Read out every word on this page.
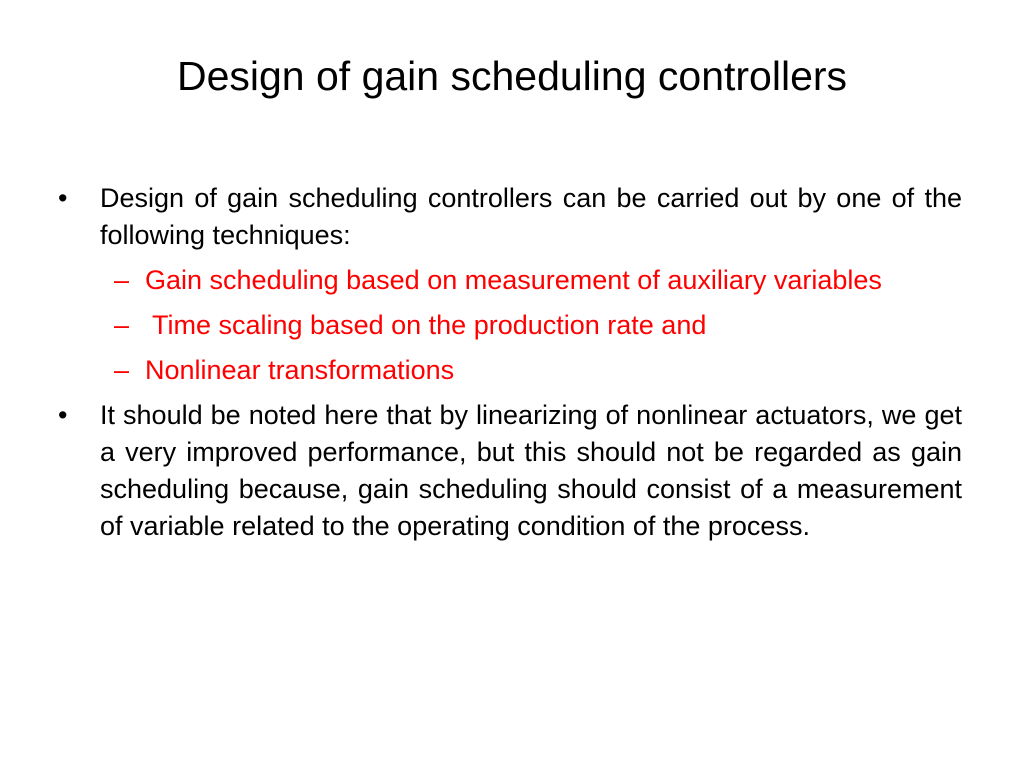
Design of gain scheduling controllers
•	Design of gain scheduling controllers can be carried out by one of the following techniques:
– Gain scheduling based on measurement of auxiliary variables
– Time scaling based on the production rate and
– Nonlinear transformations
•	It should be noted here that by linearizing of nonlinear actuators, we get a very improved performance, but this should not be regarded as gain scheduling because, gain scheduling should consist of a measurement of variable related to the operating condition of the process.
